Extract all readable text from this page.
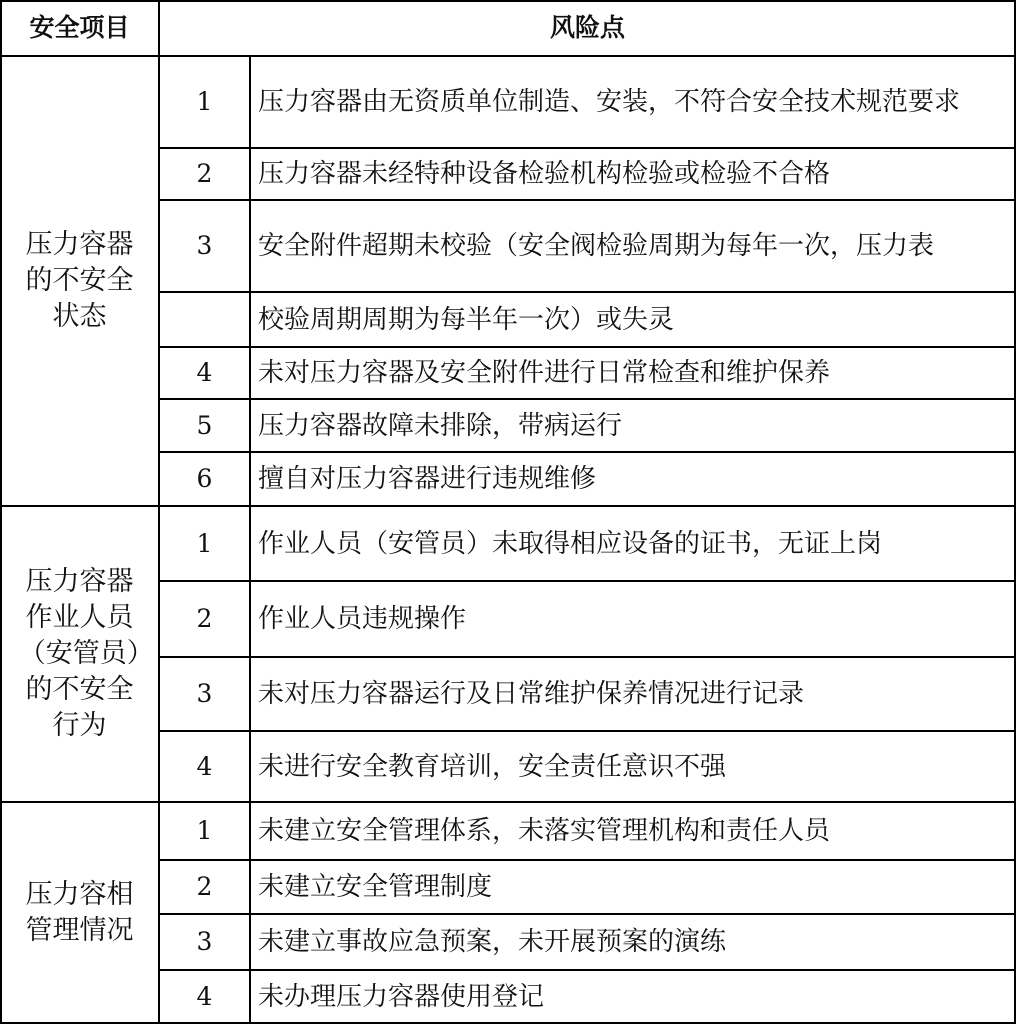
安全项目	风险点
压力容器的不安全状态
1	压力容器由无资质单位制造、安装，不符合安全技术规范要求
2	压力容器未经特种设备检验机构检验或检验不合格
3	安全附件超期未校验（安全阀检验周期为每年一次，压力表
校验周期周期为每半年一次）或失灵
4	未对压力容器及安全附件进行日常检查和维护保养
5	压力容器故障未排除，带病运行
6	擅自对压力容器进行违规维修
压力容器作业人员（安管员）的不安全行为
1	作业人员（安管员）未取得相应设备的证书，无证上岗
2	作业人员违规操作
3	未对压力容器运行及日常维护保养情况进行记录
4	未进行安全教育培训，安全责任意识不强
压力容相管理情况
1	未建立安全管理体系，未落实管理机构和责任人员
2	未建立安全管理制度
3	未建立事故应急预案，未开展预案的演练
4	未办理压力容器使用登记
